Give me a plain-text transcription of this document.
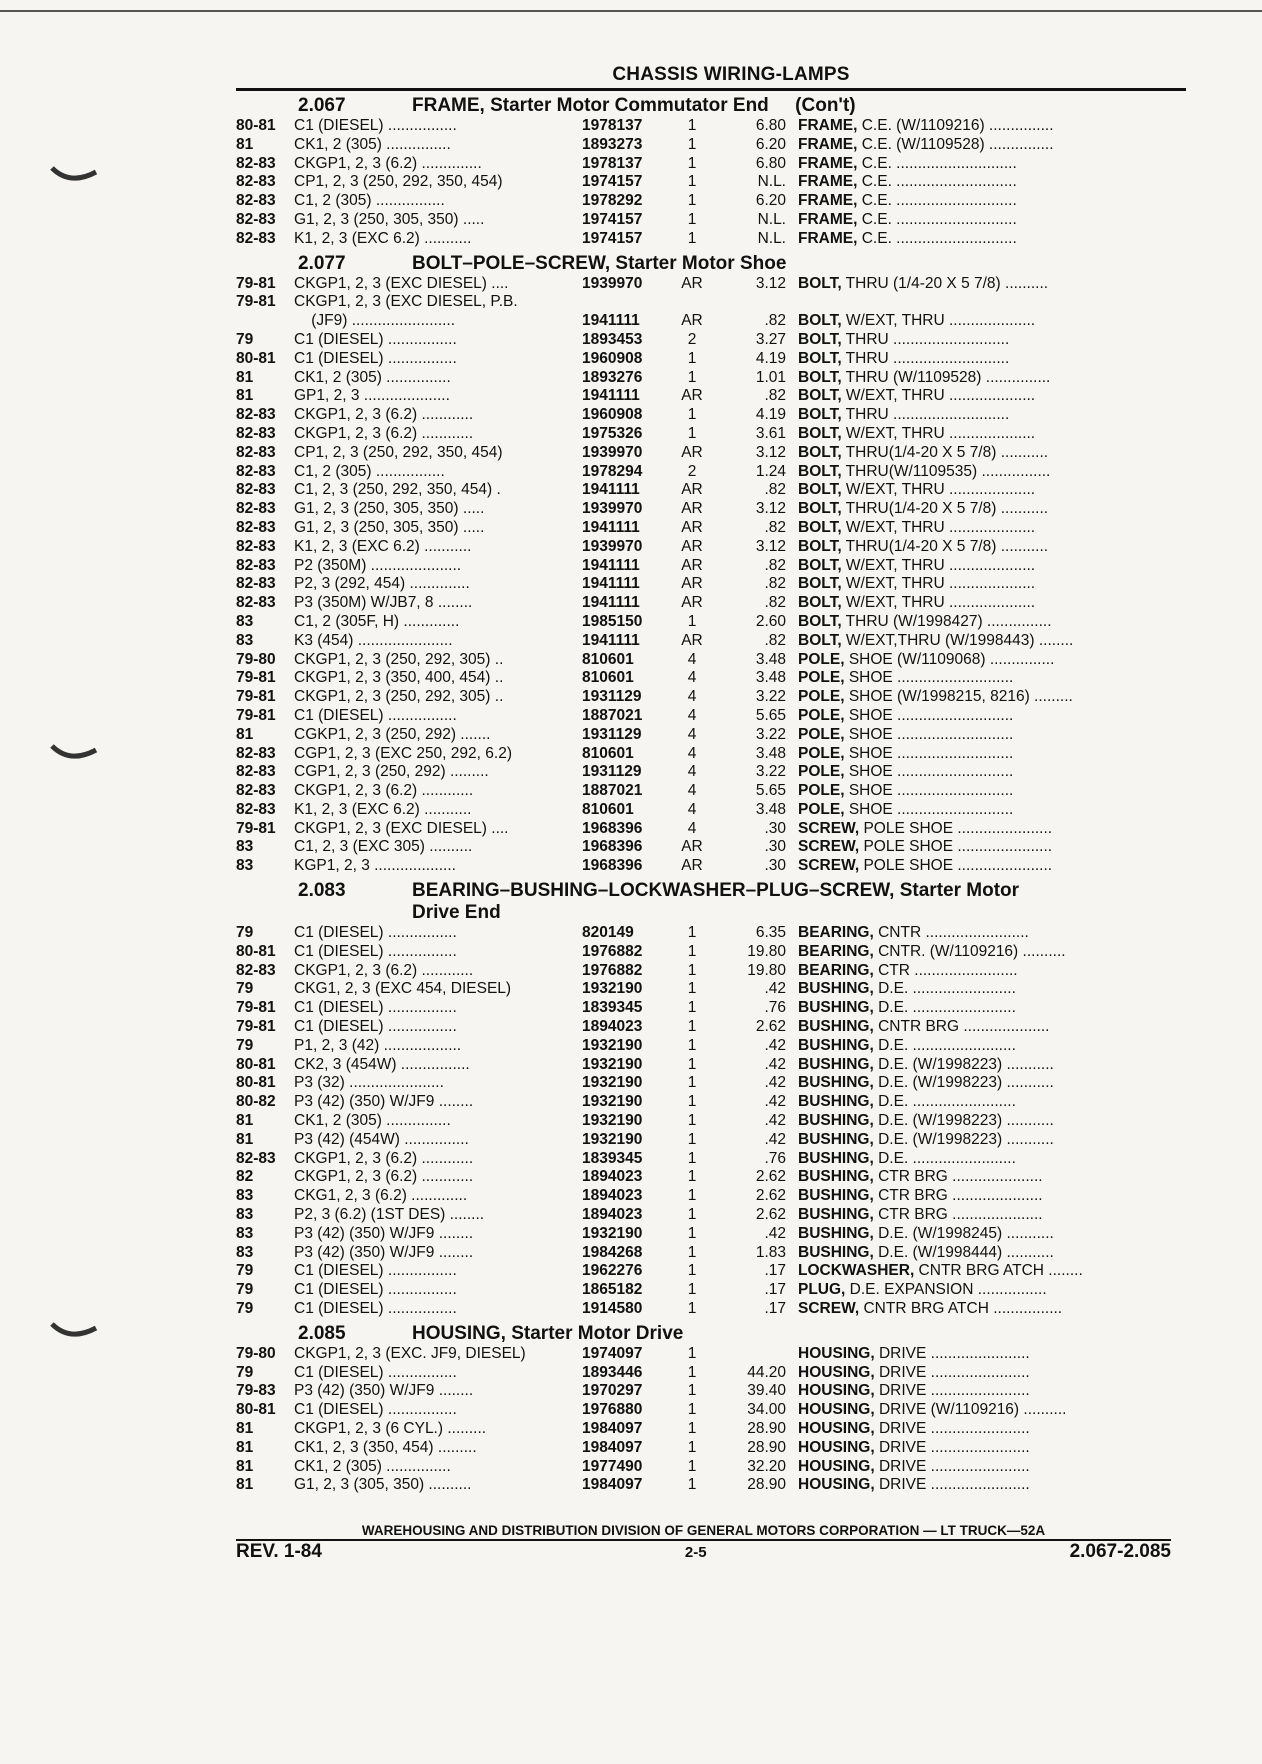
CHASSIS WIRING-LAMPS
2.067	FRAME, Starter Motor Commutator End     (Con't)
80-81	C1 (DIESEL) ................	1978137	1	6.80 FRAME, C.E. (W/1109216) ...............
81	CK1, 2 (305) ...............	1893273	1	6.20 FRAME, C.E. (W/1109528) ...............
82-83	CKGP1, 2, 3 (6.2) ..............	1978137	1	6.80 FRAME, C.E. ............................
82-83	CP1, 2, 3 (250, 292, 350, 454)	1974157	1	N.L. FRAME, C.E. ............................
82-83	C1, 2 (305) ................	1978292	1	6.20 FRAME, C.E. ............................
82-83	G1, 2, 3 (250, 305, 350) .....	1974157	1	N.L. FRAME, C.E. ............................
82-83	K1, 2, 3 (EXC 6.2) ...........	1974157	1	N.L. FRAME, C.E. ............................
2.077	BOLT–POLE–SCREW, Starter Motor Shoe
79-81	CKGP1, 2, 3 (EXC DIESEL) ....	1939970	AR	3.12 BOLT, THRU (1/4-20 X 5 7/8) ..........
79-81	CKGP1, 2, 3 (EXC DIESEL, P.B.
(JF9) ........................	1941111	AR	.82 BOLT, W/EXT, THRU ....................
79	C1 (DIESEL) ................	1893453	2	3.27 BOLT, THRU ...........................
80-81	C1 (DIESEL) ................	1960908	1	4.19 BOLT, THRU ...........................
81	CK1, 2 (305) ...............	1893276	1	1.01 BOLT, THRU (W/1109528) ...............
81	GP1, 2, 3 ....................	1941111	AR	.82 BOLT, W/EXT, THRU ....................
82-83	CKGP1, 2, 3 (6.2) ............	1960908	1	4.19 BOLT, THRU ...........................
82-83	CKGP1, 2, 3 (6.2) ............	1975326	1	3.61 BOLT, W/EXT, THRU ....................
82-83	CP1, 2, 3 (250, 292, 350, 454)	1939970	AR	3.12 BOLT, THRU(1/4-20 X 5 7/8) ...........
82-83	C1, 2 (305) ................	1978294	2	1.24 BOLT, THRU(W/1109535) ................
82-83	C1, 2, 3 (250, 292, 350, 454) .	1941111	AR	.82 BOLT, W/EXT, THRU ....................
82-83	G1, 2, 3 (250, 305, 350) .....	1939970	AR	3.12 BOLT, THRU(1/4-20 X 5 7/8) ...........
82-83	G1, 2, 3 (250, 305, 350) .....	1941111	AR	.82 BOLT, W/EXT, THRU ....................
82-83	K1, 2, 3 (EXC 6.2) ...........	1939970	AR	3.12 BOLT, THRU(1/4-20 X 5 7/8) ...........
82-83	P2 (350M) .....................	1941111	AR	.82 BOLT, W/EXT, THRU ....................
82-83	P2, 3 (292, 454) ..............	1941111	AR	.82 BOLT, W/EXT, THRU ....................
82-83	P3 (350M) W/JB7, 8 ........	1941111	AR	.82 BOLT, W/EXT, THRU ....................
83	C1, 2 (305F, H) .............	1985150	1	2.60 BOLT, THRU (W/1998427) ...............
83	K3 (454) ......................	1941111	AR	.82 BOLT, W/EXT,THRU (W/1998443) ........
79-80	CKGP1, 2, 3 (250, 292, 305) ..	810601	4	3.48 POLE, SHOE (W/1109068) ...............
79-81	CKGP1, 2, 3 (350, 400, 454) ..	810601	4	3.48 POLE, SHOE ...........................
79-81	CKGP1, 2, 3 (250, 292, 305) ..	1931129	4	3.22 POLE, SHOE (W/1998215, 8216) .........
79-81	C1 (DIESEL) ................	1887021	4	5.65 POLE, SHOE ...........................
81	CGKP1, 2, 3 (250, 292) .......	1931129	4	3.22 POLE, SHOE ...........................
82-83	CGP1, 2, 3 (EXC 250, 292, 6.2)	810601	4	3.48 POLE, SHOE ...........................
82-83	CGP1, 2, 3 (250, 292) .........	1931129	4	3.22 POLE, SHOE ...........................
82-83	CKGP1, 2, 3 (6.2) ............	1887021	4	5.65 POLE, SHOE ...........................
82-83	K1, 2, 3 (EXC 6.2) ...........	810601	4	3.48 POLE, SHOE ...........................
79-81	CKGP1, 2, 3 (EXC DIESEL) ....	1968396	4	.30 SCREW, POLE SHOE ......................
83	C1, 2, 3 (EXC 305) ..........	1968396	AR	.30 SCREW, POLE SHOE ......................
83	KGP1, 2, 3 ...................	1968396	AR	.30 SCREW, POLE SHOE ......................
2.083	BEARING–BUSHING–LOCKWASHER–PLUG–SCREW, Starter Motor
Drive End
79	C1 (DIESEL) ................	820149	1	6.35 BEARING, CNTR ........................
80-81	C1 (DIESEL) ................	1976882	1	19.80 BEARING, CNTR. (W/1109216) ..........
82-83	CKGP1, 2, 3 (6.2) ............	1976882	1	19.80 BEARING, CTR ........................
79	CKG1, 2, 3 (EXC 454, DIESEL)	1932190	1	.42 BUSHING, D.E. ........................
79-81	C1 (DIESEL) ................	1839345	1	.76 BUSHING, D.E. ........................
79-81	C1 (DIESEL) ................	1894023	1	2.62 BUSHING, CNTR BRG ....................
79	P1, 2, 3 (42) ..................	1932190	1	.42 BUSHING, D.E. ........................
80-81	CK2, 3 (454W) ................	1932190	1	.42 BUSHING, D.E. (W/1998223) ...........
80-81	P3 (32) ......................	1932190	1	.42 BUSHING, D.E. (W/1998223) ...........
80-82	P3 (42) (350) W/JF9 ........	1932190	1	.42 BUSHING, D.E. ........................
81	CK1, 2 (305) ...............	1932190	1	.42 BUSHING, D.E. (W/1998223) ...........
81	P3 (42) (454W) ...............	1932190	1	.42 BUSHING, D.E. (W/1998223) ...........
82-83	CKGP1, 2, 3 (6.2) ............	1839345	1	.76 BUSHING, D.E. ........................
82	CKGP1, 2, 3 (6.2) ............	1894023	1	2.62 BUSHING, CTR BRG .....................
83	CKG1, 2, 3 (6.2) .............	1894023	1	2.62 BUSHING, CTR BRG .....................
83	P2, 3 (6.2) (1ST DES) ........	1894023	1	2.62 BUSHING, CTR BRG .....................
83	P3 (42) (350) W/JF9 ........	1932190	1	.42 BUSHING, D.E. (W/1998245) ...........
83	P3 (42) (350) W/JF9 ........	1984268	1	1.83 BUSHING, D.E. (W/1998444) ...........
79	C1 (DIESEL) ................	1962276	1	.17 LOCKWASHER, CNTR BRG ATCH ........
79	C1 (DIESEL) ................	1865182	1	.17 PLUG, D.E. EXPANSION ................
79	C1 (DIESEL) ................	1914580	1	.17 SCREW, CNTR BRG ATCH ................
2.085	HOUSING, Starter Motor Drive
79-80	CKGP1, 2, 3 (EXC. JF9, DIESEL)	1974097	1	HOUSING, DRIVE .......................
79	C1 (DIESEL) ................	1893446	1	44.20 HOUSING, DRIVE .......................
79-83	P3 (42) (350) W/JF9 ........	1970297	1	39.40 HOUSING, DRIVE .......................
80-81	C1 (DIESEL) ................	1976880	1	34.00 HOUSING, DRIVE (W/1109216) ..........
81	CKGP1, 2, 3 (6 CYL.) .........	1984097	1	28.90 HOUSING, DRIVE .......................
81	CK1, 2, 3 (350, 454) .........	1984097	1	28.90 HOUSING, DRIVE .......................
81	CK1, 2 (305) ...............	1977490	1	32.20 HOUSING, DRIVE .......................
81	G1, 2, 3 (305, 350) ..........	1984097	1	28.90 HOUSING, DRIVE .......................
WAREHOUSING AND DISTRIBUTION DIVISION OF GENERAL MOTORS CORPORATION — LT TRUCK—52A
REV. 1-84	2-5	2.067-2.085
